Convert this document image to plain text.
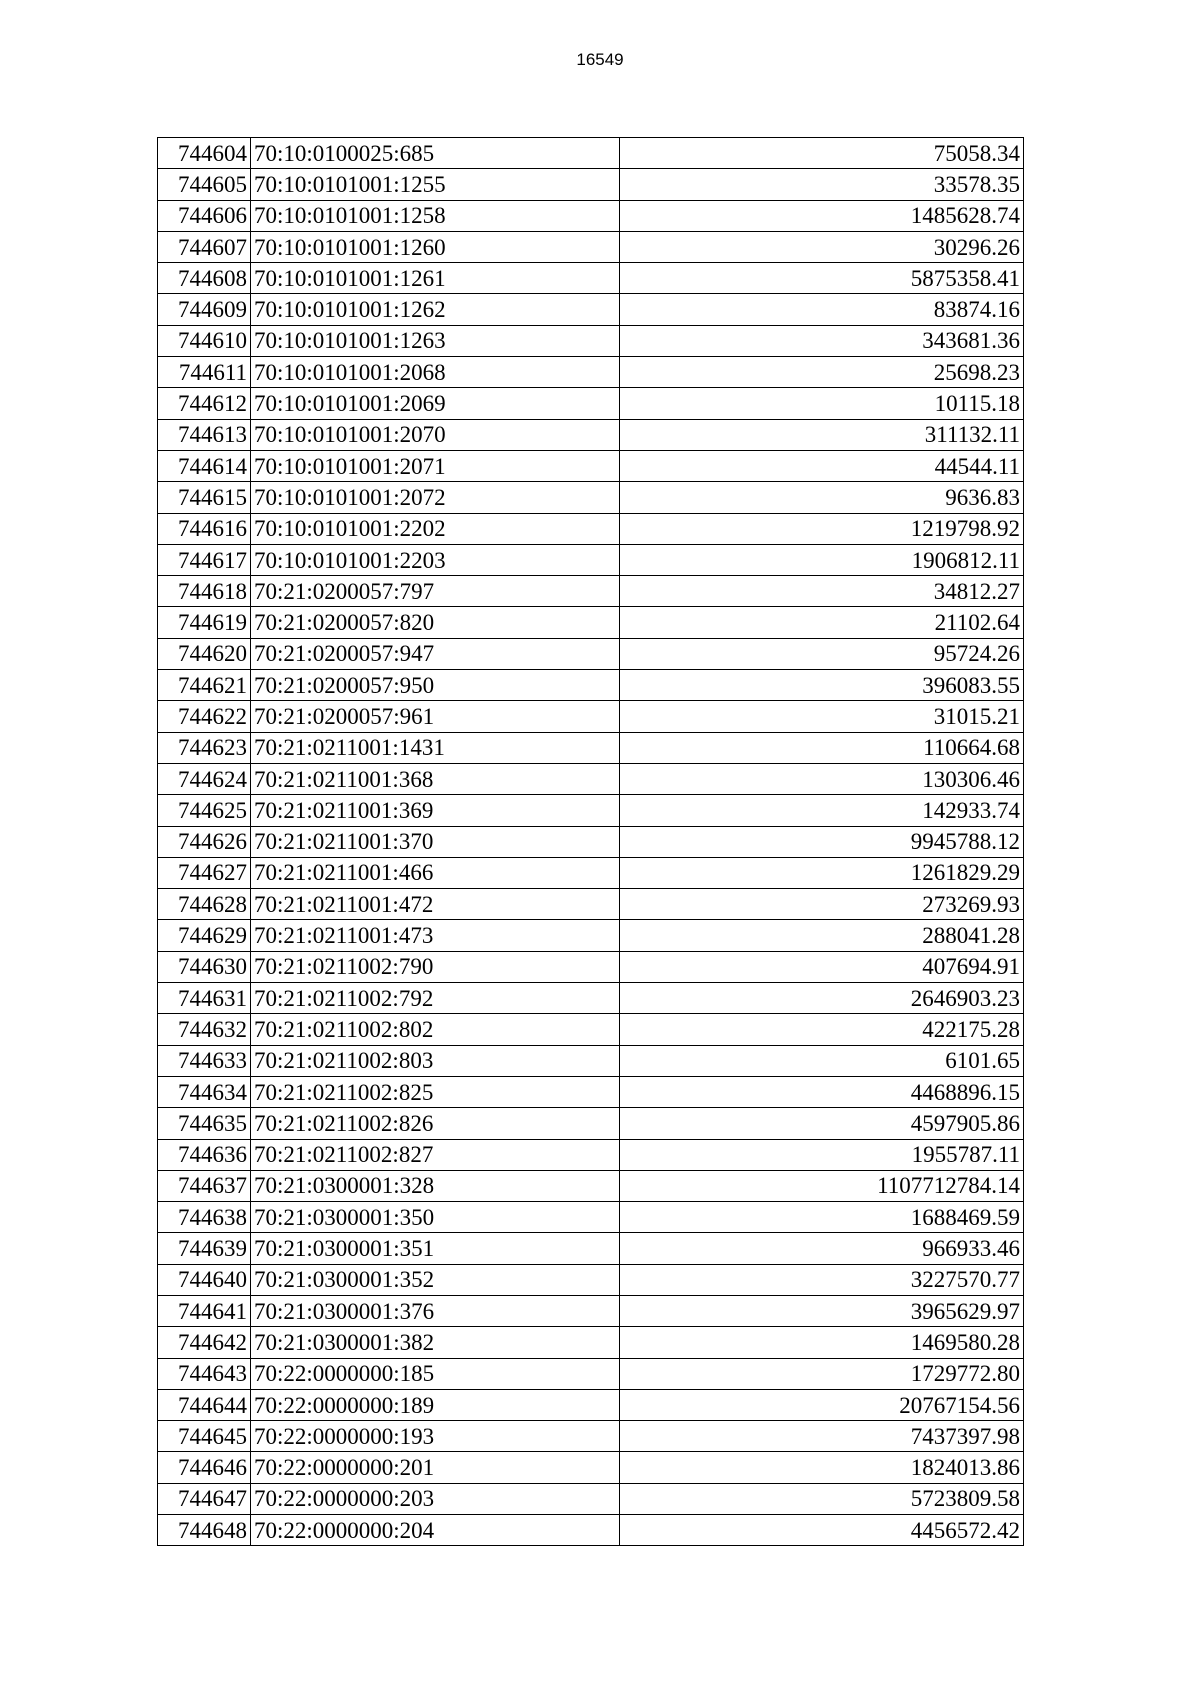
16549
744604	70:10:0100025:685	75058.34
744605	70:10:0101001:1255	33578.35
744606	70:10:0101001:1258	1485628.74
744607	70:10:0101001:1260	30296.26
744608	70:10:0101001:1261	5875358.41
744609	70:10:0101001:1262	83874.16
744610	70:10:0101001:1263	343681.36
744611	70:10:0101001:2068	25698.23
744612	70:10:0101001:2069	10115.18
744613	70:10:0101001:2070	311132.11
744614	70:10:0101001:2071	44544.11
744615	70:10:0101001:2072	9636.83
744616	70:10:0101001:2202	1219798.92
744617	70:10:0101001:2203	1906812.11
744618	70:21:0200057:797	34812.27
744619	70:21:0200057:820	21102.64
744620	70:21:0200057:947	95724.26
744621	70:21:0200057:950	396083.55
744622	70:21:0200057:961	31015.21
744623	70:21:0211001:1431	110664.68
744624	70:21:0211001:368	130306.46
744625	70:21:0211001:369	142933.74
744626	70:21:0211001:370	9945788.12
744627	70:21:0211001:466	1261829.29
744628	70:21:0211001:472	273269.93
744629	70:21:0211001:473	288041.28
744630	70:21:0211002:790	407694.91
744631	70:21:0211002:792	2646903.23
744632	70:21:0211002:802	422175.28
744633	70:21:0211002:803	6101.65
744634	70:21:0211002:825	4468896.15
744635	70:21:0211002:826	4597905.86
744636	70:21:0211002:827	1955787.11
744637	70:21:0300001:328	1107712784.14
744638	70:21:0300001:350	1688469.59
744639	70:21:0300001:351	966933.46
744640	70:21:0300001:352	3227570.77
744641	70:21:0300001:376	3965629.97
744642	70:21:0300001:382	1469580.28
744643	70:22:0000000:185	1729772.80
744644	70:22:0000000:189	20767154.56
744645	70:22:0000000:193	7437397.98
744646	70:22:0000000:201	1824013.86
744647	70:22:0000000:203	5723809.58
744648	70:22:0000000:204	4456572.42
